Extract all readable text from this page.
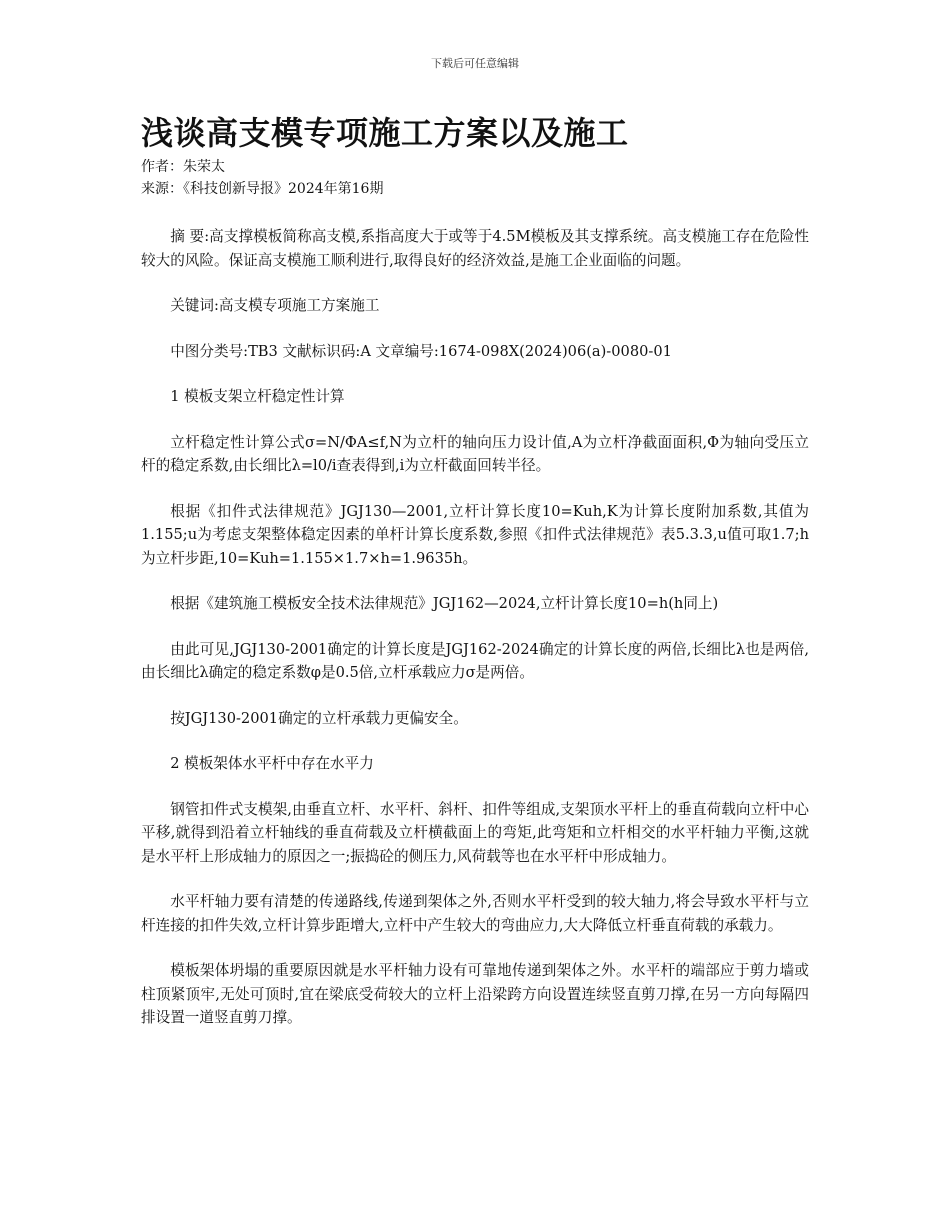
下载后可任意编辑
浅谈高支模专项施工方案以及施工

作者：朱荣太

来源：《科技创新导报》2024年第16期

摘 要:高支撑模板简称高支模,系指高度大于或等于4.5M模板及其支撑系统。高支模施工存在危险性较大的风险。保证高支模施工顺利进行,取得良好的经济效益,是施工企业面临的问题。

关键词:高支模专项施工方案施工

中图分类号:TB3 文献标识码:A 文章编号:1674-098X(2024)06(a)-0080-01

1 模板支架立杆稳定性计算

立杆稳定性计算公式σ=N/ΦA≤f,N为立杆的轴向压力设计值,A为立杆净截面面积,Φ为轴向受压立杆的稳定系数,由长细比λ=l0/i查表得到,i为立杆截面回转半径。

根据《扣件式法律规范》JGJ130—2001,立杆计算长度10=Kuh,K为计算长度附加系数,其值为1.155;u为考虑支架整体稳定因素的单杆计算长度系数,参照《扣件式法律规范》表5.3.3,u值可取1.7;h为立杆步距,10=Kuh=1.155×1.7×h=1.9635h。

根据《建筑施工模板安全技术法律规范》JGJ162—2024,立杆计算长度10=h(h同上)

由此可见,JGJ130-2001确定的计算长度是JGJ162-2024确定的计算长度的两倍,长细比λ也是两倍,由长细比λ确定的稳定系数φ是0.5倍,立杆承载应力σ是两倍。

按JGJ130-2001确定的立杆承载力更偏安全。

2 模板架体水平杆中存在水平力

钢管扣件式支模架,由垂直立杆、水平杆、斜杆、扣件等组成,支架顶水平杆上的垂直荷载向立杆中心平移,就得到沿着立杆轴线的垂直荷载及立杆横截面上的弯矩,此弯矩和立杆相交的水平杆轴力平衡,这就是水平杆上形成轴力的原因之一;振捣砼的侧压力,风荷载等也在水平杆中形成轴力。

水平杆轴力要有清楚的传递路线,传递到架体之外,否则水平杆受到的较大轴力,将会导致水平杆与立杆连接的扣件失效,立杆计算步距增大,立杆中产生较大的弯曲应力,大大降低立杆垂直荷载的承载力。

模板架体坍塌的重要原因就是水平杆轴力设有可靠地传递到架体之外。水平杆的端部应于剪力墙或柱顶紧顶牢,无处可顶时,宜在梁底受荷较大的立杆上沿梁跨方向设置连续竖直剪刀撑,在另一方向每隔四排设置一道竖直剪刀撑。
